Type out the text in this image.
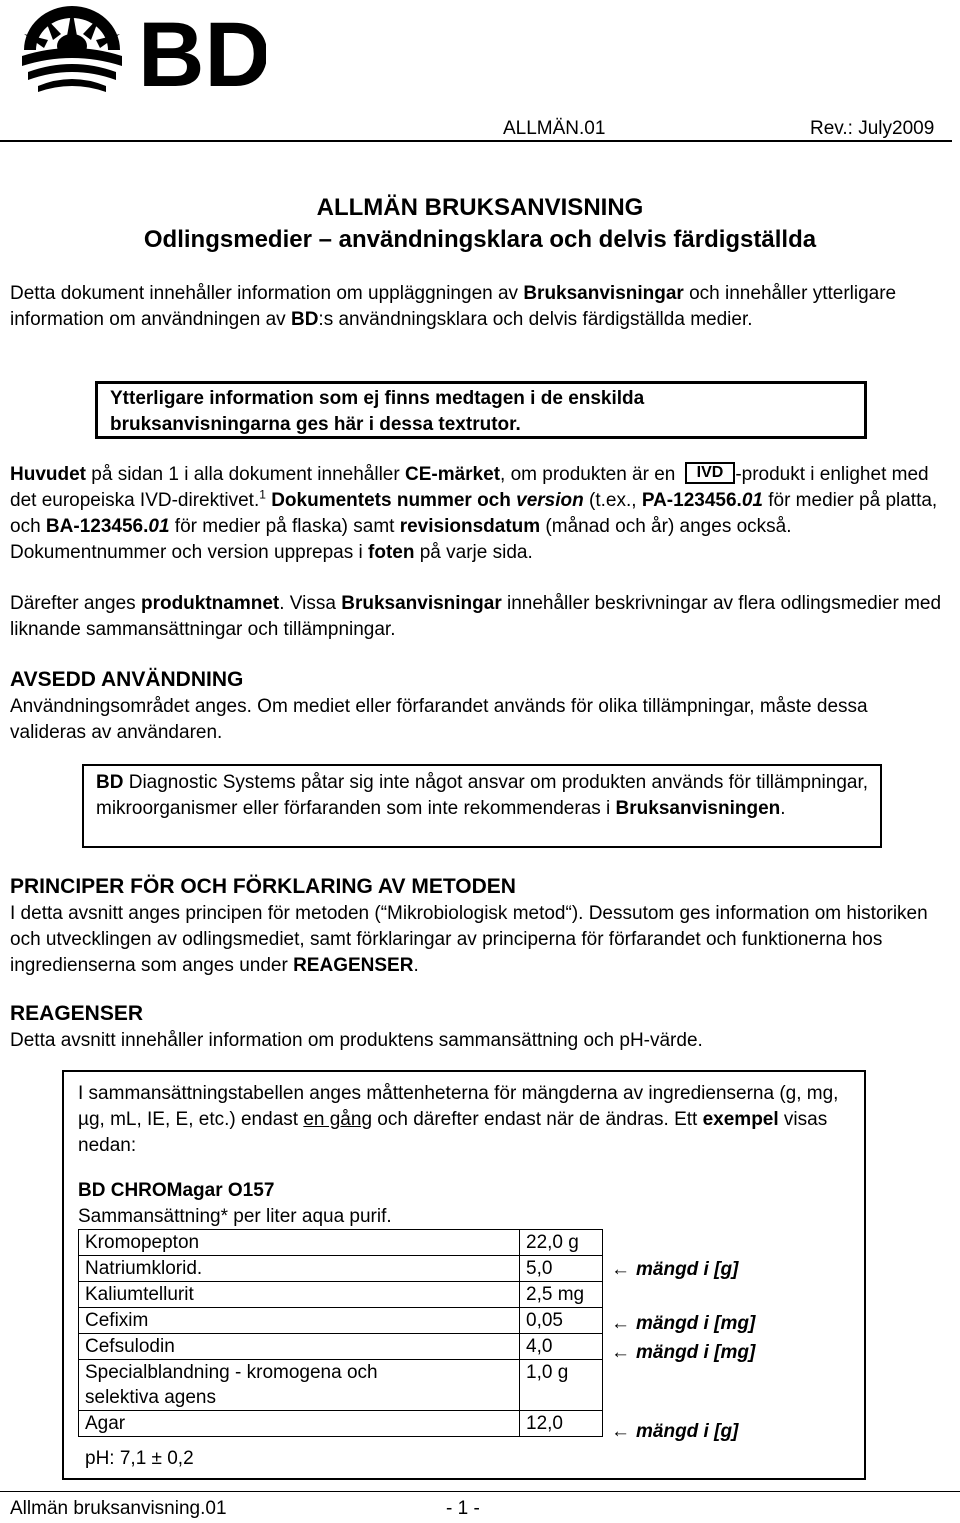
BD
ALLMÄN.01	Rev.: July2009
ALLMÄN BRUKSANVISNING
Odlingsmedier – användningsklara och delvis färdigställda

Detta dokument innehåller information om uppläggningen av Bruksanvisningar och innehåller ytterligare information om användningen av BD:s användningsklara och delvis färdigställda medier.

Ytterligare information som ej finns medtagen i de enskilda
bruksanvisningarna ges här i dessa textrutor.

Huvudet på sidan 1 i alla dokument innehåller CE-märket, om produkten är en IVD -produkt i enlighet med det europeiska IVD-direktivet.$^1$ Dokumentets nummer och version (t.ex., PA-123456.01 för medier på platta, och BA-123456.01 för medier på flaska) samt revisionsdatum (månad och år) anges också. Dokumentnummer och version upprepas i foten på varje sida.

Därefter anges produktnamnet. Vissa Bruksanvisningar innehåller beskrivningar av flera odlingsmedier med liknande sammansättningar och tillämpningar.

AVSEDD ANVÄNDNING

Användningsområdet anges. Om mediet eller förfarandet används för olika tillämpningar, måste dessa valideras av användaren.

BD Diagnostic Systems påtar sig inte något ansvar om produkten används för tillämpningar, mikroorganismer eller förfaranden som inte rekommenderas i Bruksanvisningen.

PRINCIPER FÖR OCH FÖRKLARING AV METODEN

I detta avsnitt anges principen för metoden (“Mikrobiologisk metod“). Dessutom ges information om historiken och utvecklingen av odlingsmediet, samt förklaringar av principerna för förfarandet och funktionerna hos ingredienserna som anges under REAGENSER.

REAGENSER

Detta avsnitt innehåller information om produktens sammansättning och pH-värde.

I sammansättningstabellen anges måttenheterna för mängderna av ingredienserna (g, mg, µg, mL, IE, E, etc.) endast en gång och därefter endast när de ändras. Ett exempel visas nedan:

BD CHROMagar O157
Sammansättning* per liter aqua purif.
Kromopepton	22,0 g
Natriumklorid.	5,0
Kaliumtellurit	2,5 mg
Cefixim	0,05
Cefsulodin	4,0
Specialblandning - kromogena och selektiva agens	1,0 g
Agar	12,0
← mängd i [g]
← mängd i [mg]
← mängd i [mg]
← mängd i [g]
pH: 7,1 ± 0,2
Allmän bruksanvisning.01	- 1 -
